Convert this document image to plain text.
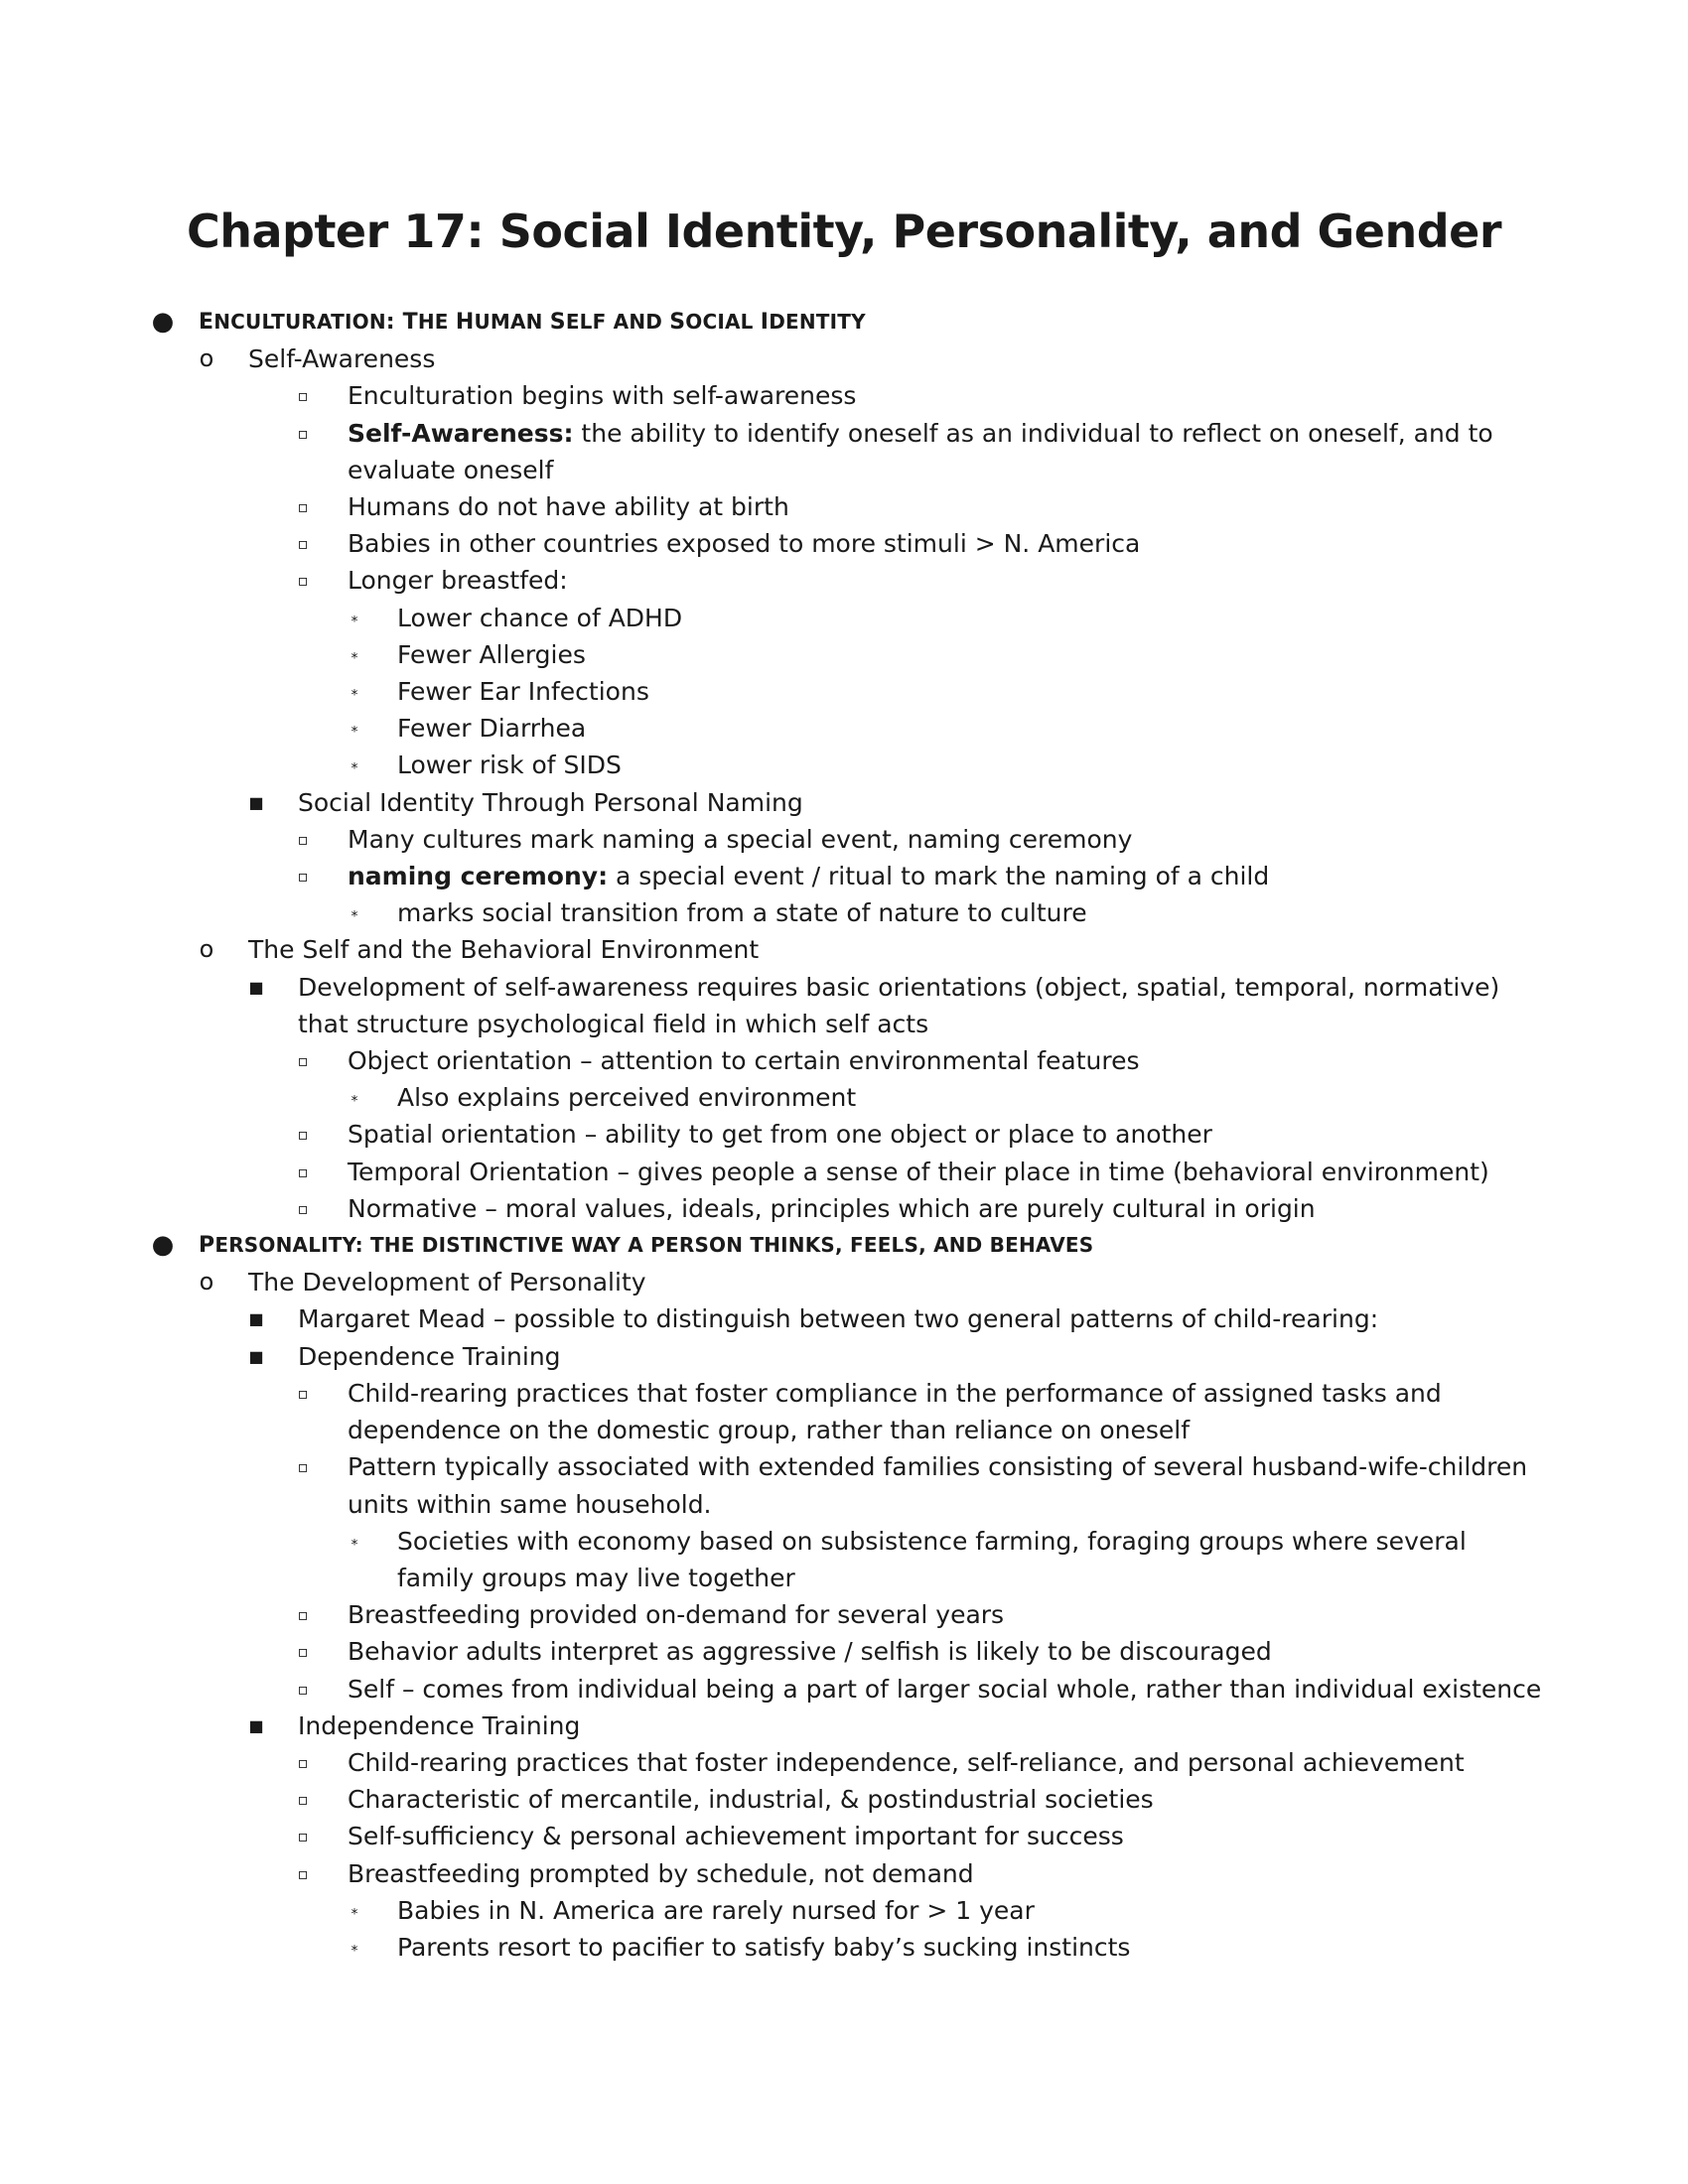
Chapter 17: Social Identity, Personality, and Gender
● ENCULTURATION: THE HUMAN SELF AND SOCIAL IDENTITY
o Self-Awareness
▫ Enculturation begins with self-awareness
▫ Self-Awareness: the ability to identify oneself as an individual to reflect on oneself, and to evaluate oneself
▫ Humans do not have ability at birth
▫ Babies in other countries exposed to more stimuli > N. America
▫ Longer breastfed:
⁎	Lower chance of ADHD
⁎	Fewer Allergies
⁎	Fewer Ear Infections
⁎	Fewer Diarrhea
⁎	Lower risk of SIDS
■ Social Identity Through Personal Naming
▫ Many cultures mark naming a special event, naming ceremony
▫ naming ceremony: a special event / ritual to mark the naming of a child
⁎	marks social transition from a state of nature to culture
o The Self and the Behavioral Environment
■ Development of self-awareness requires basic orientations (object, spatial, temporal, normative) that structure psychological field in which self acts
▫ Object orientation – attention to certain environmental features
⁎	Also explains perceived environment
▫ Spatial orientation – ability to get from one object or place to another
▫ Temporal Orientation – gives people a sense of their place in time (behavioral environment)
▫ Normative – moral values, ideals, principles which are purely cultural in origin
● PERSONALITY: THE DISTINCTIVE WAY A PERSON THINKS, FEELS, AND BEHAVES
o The Development of Personality
■ Margaret Mead – possible to distinguish between two general patterns of child-rearing:
■ Dependence Training
▫ Child-rearing practices that foster compliance in the performance of assigned tasks and dependence on the domestic group, rather than reliance on oneself
▫ Pattern typically associated with extended families consisting of several husband-wife-children units within same household.
⁎	Societies with economy based on subsistence farming, foraging groups where several family groups may live together
▫ Breastfeeding provided on-demand for several years
▫ Behavior adults interpret as aggressive / selfish is likely to be discouraged
▫ Self – comes from individual being a part of larger social whole, rather than individual existence
■ Independence Training
▫ Child-rearing practices that foster independence, self-reliance, and personal achievement
▫ Characteristic of mercantile, industrial, & postindustrial societies
▫ Self-sufficiency & personal achievement important for success
▫ Breastfeeding prompted by schedule, not demand
⁎	Babies in N. America are rarely nursed for > 1 year
⁎	Parents resort to pacifier to satisfy baby’s sucking instincts
